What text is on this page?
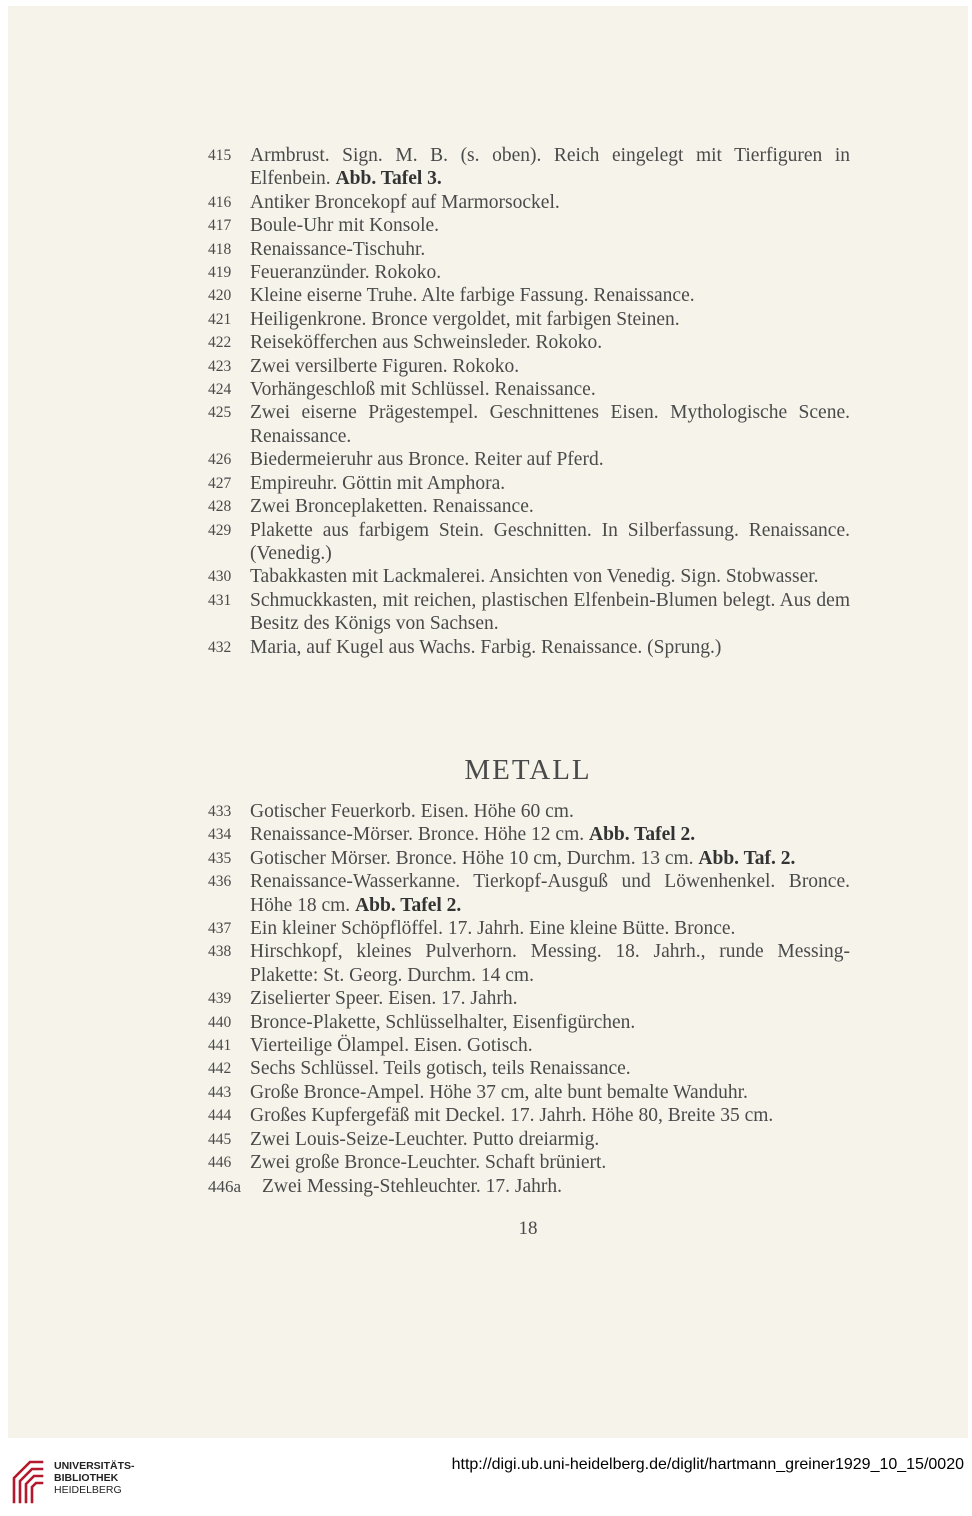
415 Armbrust. Sign. M. B. (s. oben). Reich eingelegt mit Tierfiguren in Elfenbein. Abb. Tafel 3.
416 Antiker Broncekopf auf Marmorsockel.
417 Boule-Uhr mit Konsole.
418 Renaissance-Tischuhr.
419 Feueranzünder. Rokoko.
420 Kleine eiserne Truhe. Alte farbige Fassung. Renaissance.
421 Heiligenkrone. Bronce vergoldet, mit farbigen Steinen.
422 Reiseköfferchen aus Schweinsleder. Rokoko.
423 Zwei versilberte Figuren. Rokoko.
424 Vorhängeschloß mit Schlüssel. Renaissance.
425 Zwei eiserne Prägestempel. Geschnittenes Eisen. Mythologische Scene. Renaissance.
426 Biedermeieruhr aus Bronce. Reiter auf Pferd.
427 Empireuhr. Göttin mit Amphora.
428 Zwei Bronceplaketten. Renaissance.
429 Plakette aus farbigem Stein. Geschnitten. In Silberfassung. Renaissance. (Venedig.)
430 Tabakkasten mit Lackmalerei. Ansichten von Venedig. Sign. Stobwasser.
431 Schmuckkasten, mit reichen, plastischen Elfenbein-Blumen belegt. Aus dem Besitz des Königs von Sachsen.
432 Maria, auf Kugel aus Wachs. Farbig. Renaissance. (Sprung.)
METALL
433 Gotischer Feuerkorb. Eisen. Höhe 60 cm.
434 Renaissance-Mörser. Bronce. Höhe 12 cm. Abb. Tafel 2.
435 Gotischer Mörser. Bronce. Höhe 10 cm, Durchm. 13 cm. Abb. Taf. 2.
436 Renaissance-Wasserkanne. Tierkopf-Ausguß und Löwenhenkel. Bronce. Höhe 18 cm. Abb. Tafel 2.
437 Ein kleiner Schöpflöffel. 17. Jahrh. Eine kleine Bütte. Bronce.
438 Hirschkopf, kleines Pulverhorn. Messing. 18. Jahrh., runde Messing-Plakette: St. Georg. Durchm. 14 cm.
439 Ziselierter Speer. Eisen. 17. Jahrh.
440 Bronce-Plakette, Schlüsselhalter, Eisenfigürchen.
441 Vierteilige Ölampel. Eisen. Gotisch.
442 Sechs Schlüssel. Teils gotisch, teils Renaissance.
443 Große Bronce-Ampel. Höhe 37 cm, alte bunt bemalte Wanduhr.
444 Großes Kupfergefäß mit Deckel. 17. Jahrh. Höhe 80, Breite 35 cm.
445 Zwei Louis-Seize-Leuchter. Putto dreiarmig.
446 Zwei große Bronce-Leuchter. Schaft brüniert.
446a	Zwei Messing-Stehleuchter. 17. Jahrh.
18
UNIVERSITÄTS-
BIBLIOTHEK
HEIDELBERG
http://digi.ub.uni-heidelberg.de/diglit/hartmann_greiner1929_10_15/0020
